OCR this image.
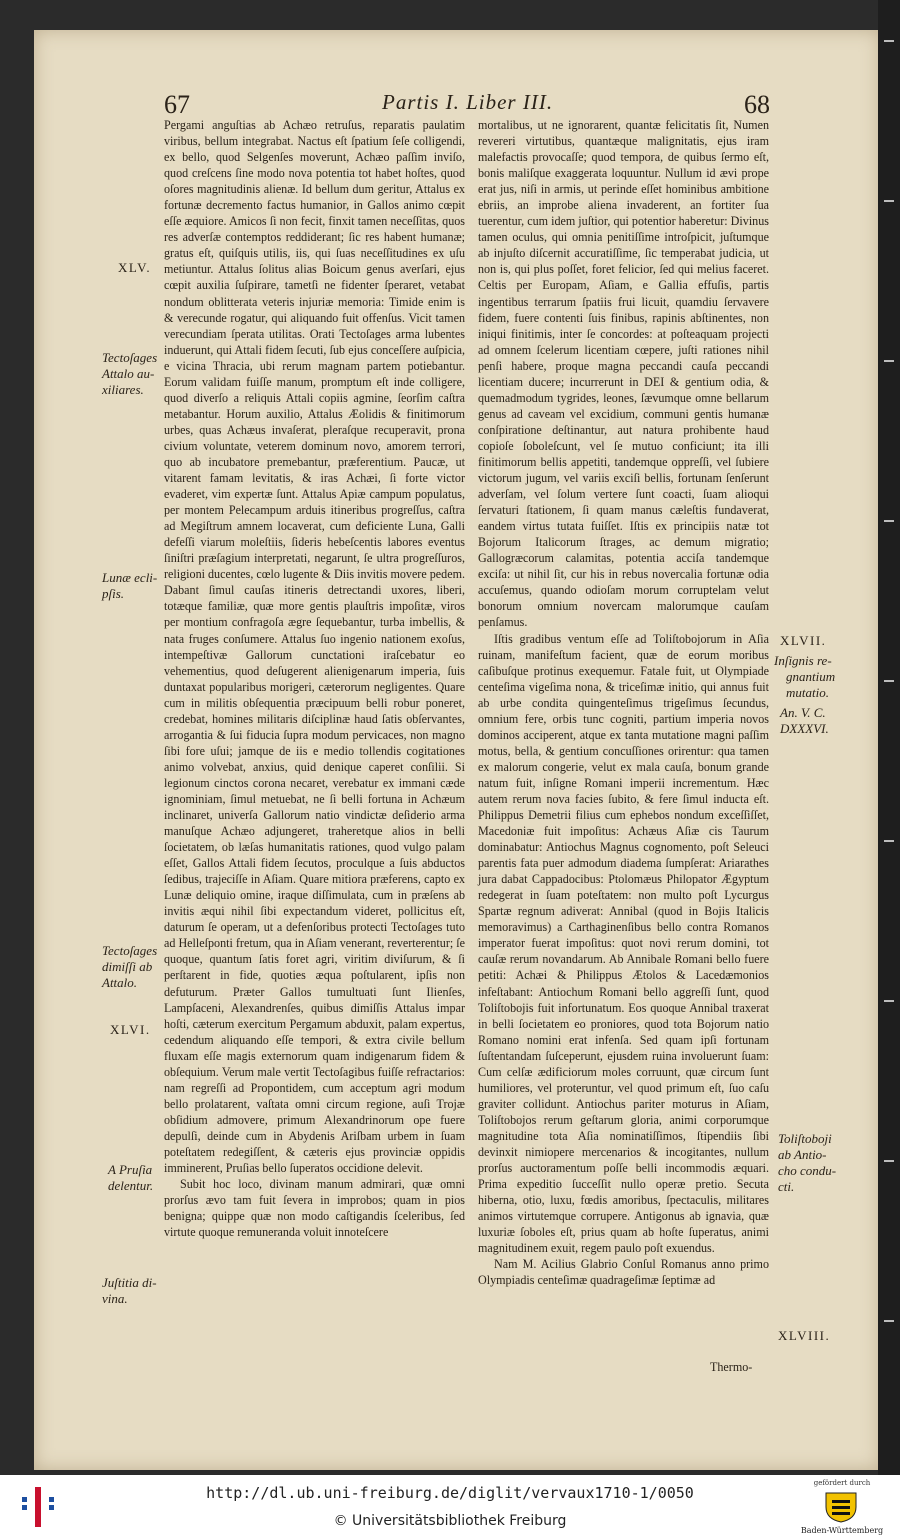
67	Partis I. Liber III.	68

Pergami anguſtias ab Achæo retruſus, reparatis paulatim viribus, bellum integrabat. Nactus eſt ſpatium ſeſe colligendi, ex bello, quod Selgenſes moverunt, Achæo paſſim inviſo, quod creſcens ſine modo nova potentia tot habet hoſtes, quod oſores magnitudinis alienæ. Id bellum dum geritur, Attalus ex fortunæ decremento factus humanior, in Gallos animo cœpit eſſe æquiore. Amicos ſi non fecit, finxit tamen neceſſitas, quos res adverſæ contemptos reddiderant; ſic res habent humanæ; gratus eſt, quiſquis utilis, iis, qui ſuas neceſſitudines ex uſu metiuntur. Attalus ſolitus alias Boicum genus averſari, ejus cœpit auxilia ſuſpirare, tametſi ne fidenter ſperaret, vetabat nondum oblitterata veteris injuriæ memoria: Timide enim is & verecunde rogatur, qui aliquando fuit offenſus. Vicit tamen verecundiam ſperata utilitas. Orati Tectoſages arma lubentes induerunt, qui Attali fidem ſecuti, ſub ejus conceſſere auſpicia, e vicina Thracia, ubi rerum magnam partem potiebantur. Eorum validam fuiſſe manum, promptum eſt inde colligere, quod diverſo a reliquis Attali copiis agmine, ſeorſim caſtra metabantur. Horum auxilio, Attalus Æolidis & finitimorum urbes, quas Achæus invaſerat, pleraſque recuperavit, prona civium voluntate, veterem dominum novo, amorem terrori, quo ab incubatore premebantur, præferentium. Paucæ, ut vitarent famam levitatis, & iras Achæi, ſi forte victor evaderet, vim expertæ ſunt. Attalus Apiæ campum populatus, per montem Pelecampum arduis itineribus progreſſus, caſtra ad Megiſtrum amnem locaverat, cum deficiente Luna, Galli defeſſi viarum moleſtiis, ſideris hebeſcentis labores eventus ſiniſtri præſagium interpretati, negarunt, ſe ultra progreſſuros, religioni ducentes, cœlo lugente & Diis invitis movere pedem. Dabant ſimul cauſas itineris detrectandi uxores, liberi, totæque familiæ, quæ more gentis plauſtris impoſitæ, viros per montium confragoſa ægre ſequebantur, turba imbellis, & nata fruges conſumere. Attalus ſuo ingenio nationem exoſus, intempeſtivæ Gallorum cunctationi iraſcebatur eo vehementius, quod deſugerent alienigenarum imperia, ſuis duntaxat popularibus morigeri, cæterorum negligentes. Quare cum in militis obſequentia præcipuum belli robur poneret, credebat, homines militaris diſciplinæ haud ſatis obſervantes, arrogantia & ſui fiducia ſupra modum pervicaces, non magno ſibi fore uſui; jamque de iis e medio tollendis cogitationes animo volvebat, anxius, quid denique caperet conſilii. Si legionum cinctos corona necaret, verebatur ex immani cæde ignominiam, ſimul metuebat, ne ſi belli fortuna in Achæum inclinaret, univerſa Gallorum natio vindictæ deſiderio arma manuſque Achæo adjungeret, traheretque alios in belli ſocietatem, ob læſas humanitatis rationes, quod vulgo palam eſſet, Gallos Attali fidem ſecutos, proculque a ſuis abductos ſedibus, trajeciſſe in Aſiam. Quare mitiora præferens, capto ex Lunæ deliquio omine, iraque diſſimulata, cum in præſens ab invitis æqui nihil ſibi expectandum videret, pollicitus eſt, daturum ſe operam, ut a defenſoribus protecti Tectoſages tuto ad Helleſponti fretum, qua in Aſiam venerant, reverterentur; ſe quoque, quantum ſatis foret agri, viritim diviſurum, & ſi perſtarent in fide, quoties æqua poſtularent, ipſis non defuturum. Præter Gallos tumultuati ſunt Ilienſes, Lampſaceni, Alexandrenſes, quibus dimiſſis Attalus impar hoſti, cæterum exercitum Pergamum abduxit, palam expertus, cedendum aliquando eſſe tempori, & extra civile bellum fluxam eſſe magis externorum quam indigenarum fidem & obſequium. Verum male vertit Tectoſagibus fuiſſe refractarios: nam regreſſi ad Propontidem, cum acceptum agri modum bello prolatarent, vaſtata omni circum regione, auſi Trojæ obſidium admovere, primum Alexandrinorum ope fuere depulſi, deinde cum in Abydenis Ariſbam urbem in ſuam poteſtatem redegiſſent, & cæteris ejus provinciæ oppidis imminerent, Pruſias bello ſuperatos occidione delevit.

Subit hoc loco, divinam manum admirari, quæ omni prorſus ævo tam fuit ſevera in improbos; quam in pios benigna; quippe quæ non modo caſtigandis ſceleribus, ſed virtute quoque remuneranda voluit innoteſcere

mortalibus, ut ne ignorarent, quantæ felicitatis ſit, Numen revereri virtutibus, quantæque malignitatis, ejus iram malefactis provocaſſe; quod tempora, de quibus ſermo eſt, bonis maliſque exaggerata loquuntur. Nullum id ævi prope erat jus, niſi in armis, ut perinde eſſet hominibus ambitione ebriis, an improbe aliena invaderent, an fortiter ſua tuerentur, cum idem juſtior, qui potentior haberetur: Divinus tamen oculus, qui omnia penitiſſime introſpicit, juſtumque ab injuſto diſcernit accuratiſſime, ſic temperabat judicia, ut non is, qui plus poſſet, foret felicior, ſed qui melius faceret. Celtis per Europam, Aſiam, e Gallia effuſis, partis ingentibus terrarum ſpatiis frui licuit, quamdiu ſervavere fidem, fuere contenti ſuis finibus, rapinis abſtinentes, non iniqui finitimis, inter ſe concordes: at poſteaquam projecti ad omnem ſcelerum licentiam cœpere, juſti rationes nihil penſi habere, proque magna peccandi cauſa peccandi licentiam ducere; incurrerunt in DEI & gentium odia, & quemadmodum tygrides, leones, ſævumque omne bellarum genus ad caveam vel excidium, communi gentis humanæ conſpiratione deſtinantur, aut natura prohibente haud copioſe ſoboleſcunt, vel ſe mutuo conficiunt; ita illi finitimorum bellis appetiti, tandemque oppreſſi, vel ſubiere victorum jugum, vel variis exciſi bellis, fortunam ſenſerunt adverſam, vel ſolum vertere ſunt coacti, ſuam alioqui ſervaturi ſtationem, ſi quam manus cæleſtis fundaverat, eandem virtus tutata fuiſſet. Iſtis ex principiis natæ tot Bojorum Italicorum ſtrages, ac demum migratio; Gallogræcorum calamitas, potentia acciſa tandemque exciſa: ut nihil ſit, cur his in rebus novercalia fortunæ odia accuſemus, quando odioſam morum corruptelam velut bonorum omnium novercam malorumque cauſam penſamus.

Iſtis gradibus ventum eſſe ad Toliſtobojorum in Aſia ruinam, manifeſtum facient, quæ de eorum moribus caſibuſque protinus exequemur. Fatale fuit, ut Olympiade centeſima vigeſima nona, & triceſimæ initio, qui annus fuit ab urbe condita quingenteſimus trigeſimus ſecundus, omnium fere, orbis tunc cogniti, partium imperia novos dominos acciperent, atque ex tanta mutatione magni paſſim motus, bella, & gentium concuſſiones orirentur: qua tamen ex malorum congerie, velut ex mala cauſa, bonum grande natum fuit, inſigne Romani imperii incrementum. Hæc autem rerum nova facies ſubito, & fere ſimul inducta eſt. Philippus Demetrii filius cum ephebos nondum exceſſiſſet, Macedoniæ fuit impoſitus: Achæus Aſiæ cis Taurum dominabatur: Antiochus Magnus cognomento, poſt Seleuci parentis fata puer admodum diadema ſumpſerat: Ariarathes jura dabat Cappadocibus: Ptolomæus Philopator Ægyptum redegerat in ſuam poteſtatem: non multo poſt Lycurgus Spartæ regnum adiverat: Annibal (quod in Bojis Italicis memoravimus) a Carthaginenſibus bello contra Romanos imperator fuerat impoſitus: quot novi rerum domini, tot cauſæ rerum novandarum. Ab Annibale Romani bello fuere petiti: Achæi & Philippus Ætolos & Lacedæmonios infeſtabant: Antiochum Romani bello aggreſſi ſunt, quod Toliſtobojis fuit infortunatum. Eos quoque Annibal traxerat in belli ſocietatem eo proniores, quod tota Bojorum natio Romano nomini erat infenſa. Sed quam ipſi fortunam ſuſtentandam ſuſceperunt, ejusdem ruina involuerunt ſuam: Cum celſæ ædificiorum moles corruunt, quæ circum ſunt humiliores, vel proteruntur, vel quod primum eſt, ſuo caſu graviter collidunt. Antiochus pariter moturus in Aſiam, Toliſtobojos rerum geſtarum gloria, animi corporumque magnitudine tota Aſia nominatiſſimos, ſtipendiis ſibi devinxit nimiopere mercenarios & incogitantes, nullum prorſus auctoramentum poſſe belli incommodis æquari. Prima expeditio ſucceſſit nullo operæ pretio. Secuta hiberna, otio, luxu, fœdis amoribus, ſpectaculis, militares animos virtutemque corrupere. Antigonus ab ignavia, quæ luxuriæ ſoboles eſt, prius quam ab hoſte ſuperatus, animi magnitudinem exuit, regem paulo poſt exuendus.

Nam M. Acilius Glabrio Conſul Romanus anno primo Olympiadis centeſimæ quadrageſimæ ſeptimæ ad

Thermo-
XLV.
Tectoſages
Attalo au-
xiliares.
Lunæ ecli-
pſis.
Tectoſages
dimiſſi ab
Attalo.
XLVI.
A Pruſia
delentur.
Juſtitia di-
vina.
XLVII.
Inſignis re-
gnantium
mutatio.
An. V. C.
DXXXVI.
Toliſtoboji
ab Antio-
cho condu-
cti.
XLVIII.
http://dl.ub.uni-freiburg.de/diglit/vervaux1710-1/0050
© Universitätsbibliothek Freiburg
gefördert durch
Baden-Württemberg
